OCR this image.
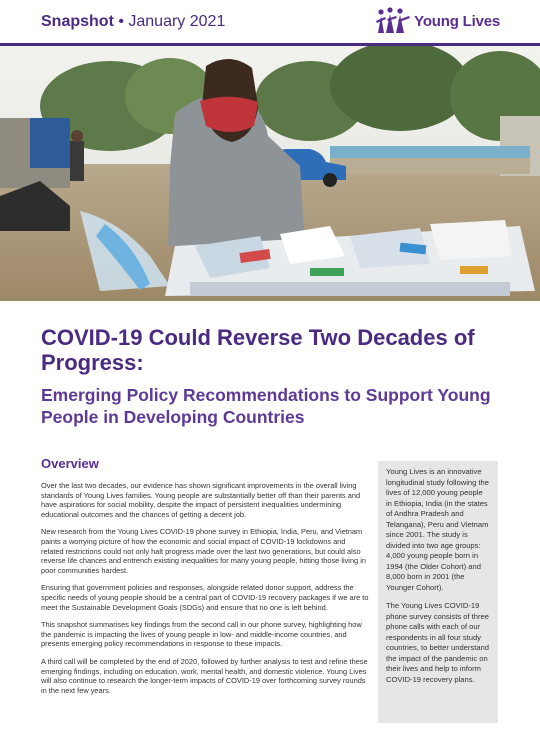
Snapshot • January 2021	Young Lives
COVID-19 Could Reverse Two Decades of Progress:
Emerging Policy Recommendations to Support Young People in Developing Countries
Overview

Over the last two decades, our evidence has shown significant improvements in the overall living standards of Young Lives families. Young people are substantially better off than their parents and have aspirations for social mobility, despite the impact of persistent inequalities undermining educational outcomes and the chances of getting a decent job.

New research from the Young Lives COVID-19 phone survey in Ethiopia, India, Peru, and Vietnam paints a worrying picture of how the economic and social impact of COVID-19 lockdowns and related restrictions could not only halt progress made over the last two generations, but could also reverse life chances and entrench existing inequalities for many young people, hitting those living in poor communities hardest.

Ensuring that government policies and responses, alongside related donor support, address the specific needs of young people should be a central part of COVID-19 recovery packages if we are to meet the Sustainable Development Goals (SDGs) and ensure that no one is left behind.

This snapshot summarises key findings from the second call in our phone survey, highlighting how the pandemic is impacting the lives of young people in low- and middle-income countries, and presents emerging policy recommendations in response to these impacts.

A third call will be completed by the end of 2020, followed by further analysis to test and refine these emerging findings, including on education, work, mental health, and domestic violence. Young Lives will also continue to research the longer-term impacts of COVID-19 over forthcoming survey rounds in the next few years.

Young Lives is an innovative longitudinal study following the lives of 12,000 young people in Ethiopia, India (in the states of Andhra Pradesh and Telangana), Peru and Vietnam since 2001. The study is divided into two age groups: 4,000 young people born in 1994 (the Older Cohort) and 8,000 born in 2001 (the Younger Cohort).

The Young Lives COVID-19 phone survey consists of three phone calls with each of our respondents in all four study countries, to better understand the impact of the pandemic on their lives and help to inform COVID-19 recovery plans.
